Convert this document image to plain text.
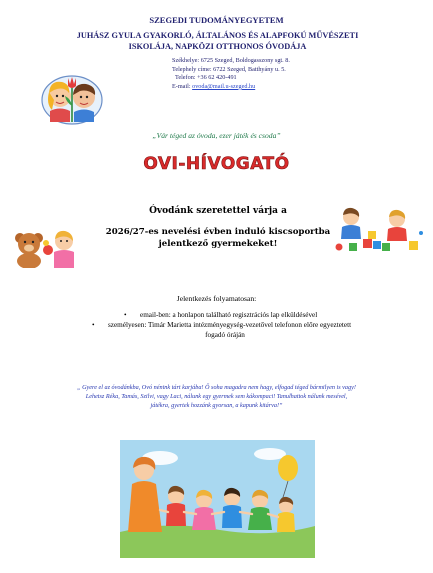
SZEGEDI TUDOMÁNYEGYETEM
JUHÁSZ GYULA GYAKORLÓ, ÁLTALÁNOS ÉS ALAPFOKÚ MŰVÉSZETI
ISKOLÁJA, NAPKÖZI OTTHONOS ÓVODÁJA
Székhelye: 6725 Szeged, Boldogasszony sgt. 8.
Telephely címe: 6722 Szeged, Batthyány u. 5.
Telefon: +36 62 420-491
E-mail: ovoda@mail.u-szeged.hu
„Vár téged az óvoda, ezer játék és csoda”
OVI-HÍVOGATÓ
Óvodánk szeretettel várja a
2026/27-es nevelési évben induló kiscsoportba
jelentkező gyermekeket!
Jelentkezés folyamatosan:
• email-ben: a honlapon található regisztrációs lap elküldésével
• személyesen: Timár Marietta intézményegység-vezetővel telefonon előre egyeztetett
fogadó óráján
„ Gyere el az óvodánkba, Ovó nénink tárt karjába! Ő soha magadra nem hagy, elfogad téged bármilyen is vagy!
Lehetsz Réka, Tamás, Szilvi, vagy Laci, nálunk egy gyermek sem kákompaci! Tanulhattok nálunk mesével,
játékra, gyertek hozzánk gyorsan, a kapunk kitárva!”
